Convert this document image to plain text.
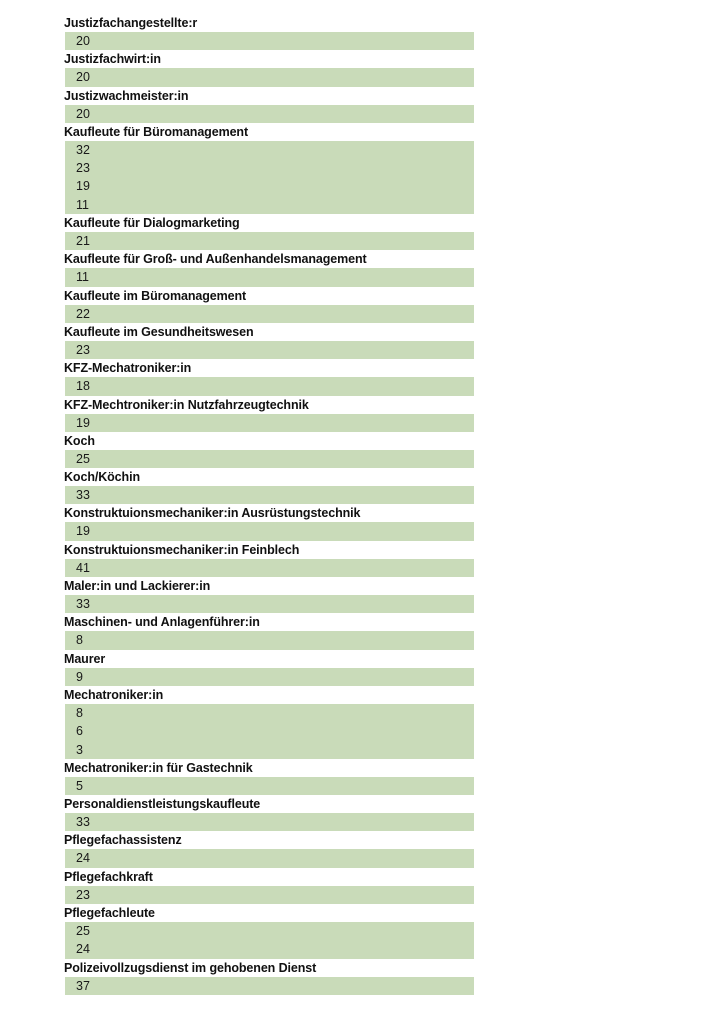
Justizfachangestellte:r
20
Justizfachwirt:in
20
Justizwachmeister:in
20
Kaufleute für Büromanagement
32
23
19
11
Kaufleute für Dialogmarketing
21
Kaufleute für Groß- und Außenhandelsmanagement
11
Kaufleute im Büromanagement
22
Kaufleute im Gesundheitswesen
23
KFZ-Mechatroniker:in
18
KFZ-Mechtroniker:in Nutzfahrzeugtechnik
19
Koch
25
Koch/Köchin
33
Konstruktuionsmechaniker:in Ausrüstungstechnik
19
Konstruktuionsmechaniker:in Feinblech
41
Maler:in und Lackierer:in
33
Maschinen- und Anlagenführer:in
8
Maurer
9
Mechatroniker:in
8
6
3
Mechatroniker:in für Gastechnik
5
Personaldienstleistungskaufleute
33
Pflegefachassistenz
24
Pflegefachkraft
23
Pflegefachleute
25
24
Polizeivollzugsdienst im gehobenen Dienst
37
